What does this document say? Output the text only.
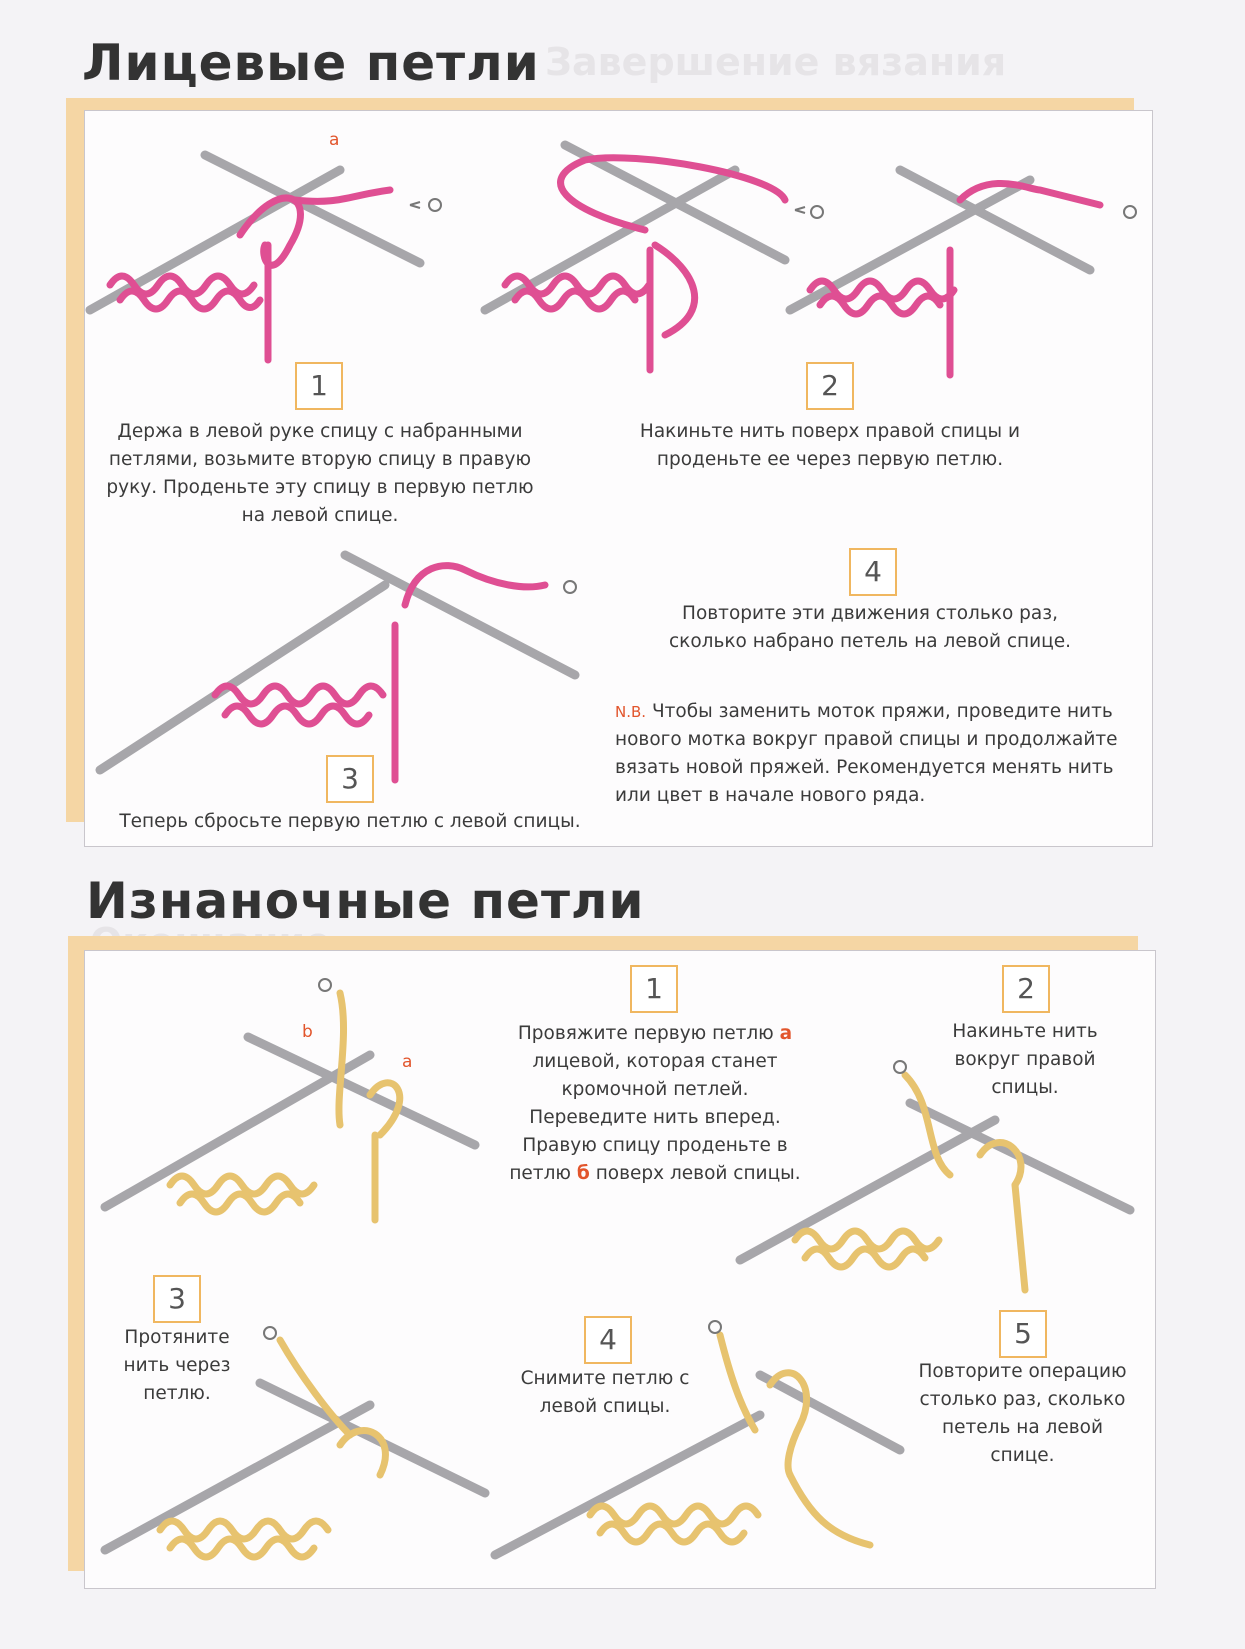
Завершение вязания
Лицевые петли
а
1
Держа в левой руке спицу с набранными петлями, возьмите вторую спицу в правую руку. Проденьте эту спицу в первую петлю на левой спице.
2
Накиньте нить поверх правой спицы и проденьте ее через первую петлю.
3
Теперь сбросьте первую петлю с левой спицы.
4
Повторите эти движения столько раз, сколько набрано петель на левой спице.
N.B. Чтобы заменить моток пряжи, проведите нить нового мотка вокруг правой спицы и продолжайте вязать новой пряжей. Рекомендуется менять нить или цвет в начале нового ряда.
Изнаночные петли
b
a
1
Провяжите первую петлю а лицевой, которая станет кромочной петлей. Переведите нить вперед. Правую спицу проденьте в петлю б поверх левой спицы.
2
Накиньте нить вокруг правой спицы.
3
Протяните нить через петлю.
4
Снимите петлю с левой спицы.
5
Повторите операцию столько раз, сколько петель на левой спице.
